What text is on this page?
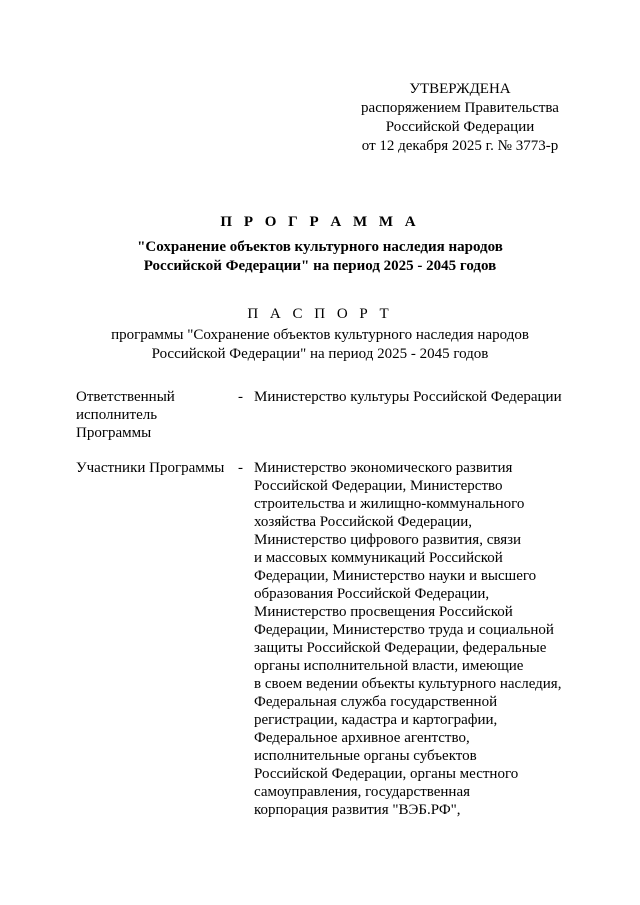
УТВЕРЖДЕНА
распоряжением Правительства
Российской Федерации
от 12 декабря 2025 г. № 3773-р
П Р О Г Р А М М А
"Сохранение объектов культурного наследия народов
Российской Федерации" на период 2025 - 2045 годов
П А С П О Р Т
программы "Сохранение объектов культурного наследия народов
Российской Федерации" на период 2025 - 2045 годов
Ответственный
исполнитель
Программы
- Министерство культуры Российской Федерации
Участники Программы - Министерство экономического развития
Российской Федерации, Министерство
строительства и жилищно-коммунального
хозяйства Российской Федерации,
Министерство цифрового развития, связи
и массовых коммуникаций Российской
Федерации, Министерство науки и высшего
образования Российской Федерации,
Министерство просвещения Российской
Федерации, Министерство труда и социальной
защиты Российской Федерации, федеральные
органы исполнительной власти, имеющие
в своем ведении объекты культурного наследия,
Федеральная служба государственной
регистрации, кадастра и картографии,
Федеральное архивное агентство,
исполнительные органы субъектов
Российской Федерации, органы местного
самоуправления, государственная
корпорация развития "ВЭБ.РФ",
